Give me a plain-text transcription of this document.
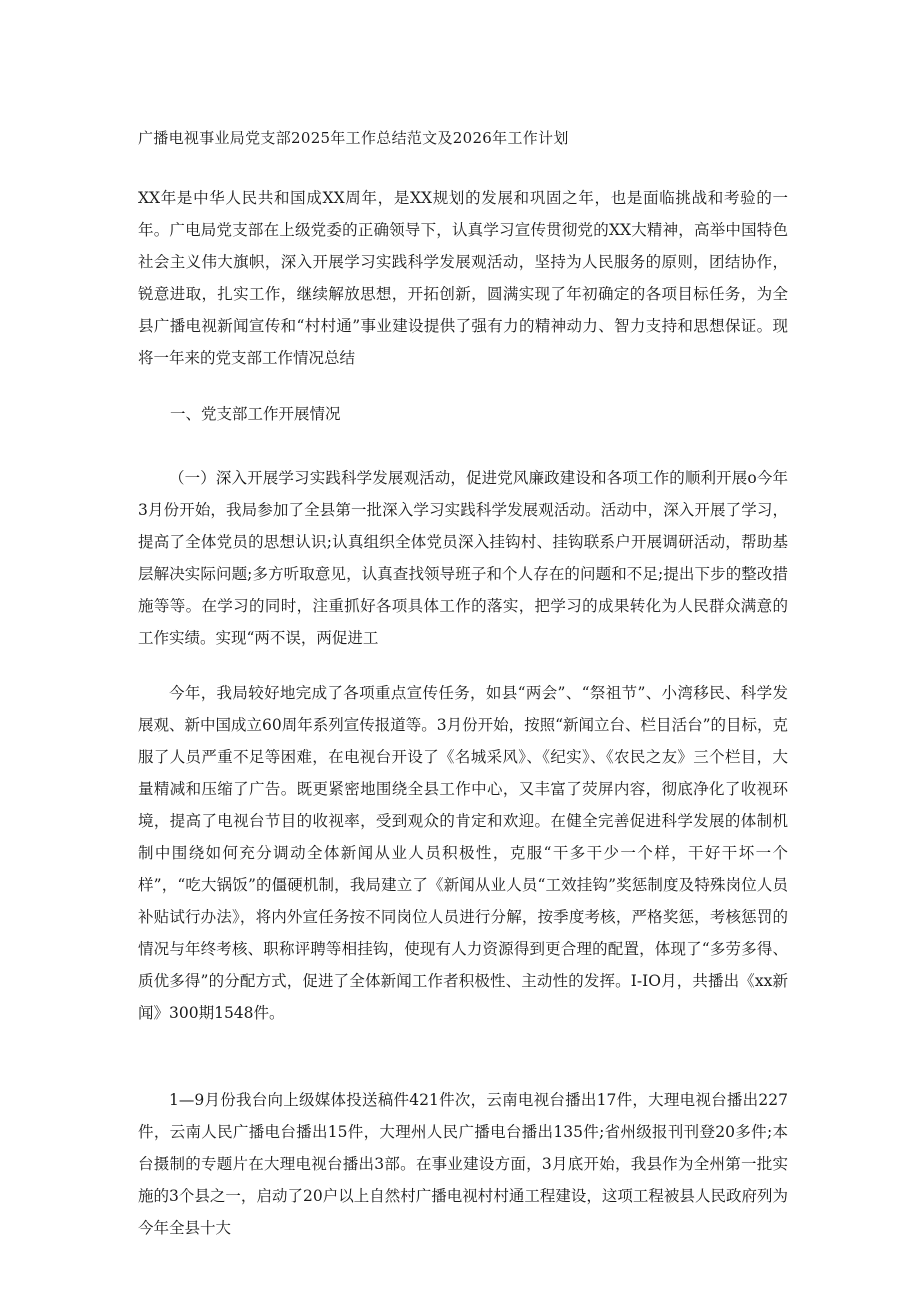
广播电视事业局党支部2025年工作总结范文及2026年工作计划

XX年是中华人民共和国成XX周年，是XX规划的发展和巩固之年，也是面临挑战和考验的一年。广电局党支部在上级党委的正确领导下，认真学习宣传贯彻党的XX大精神，高举中国特色社会主义伟大旗帜，深入开展学习实践科学发展观活动，坚持为人民服务的原则，团结协作，锐意进取，扎实工作，继续解放思想，开拓创新，圆满实现了年初确定的各项目标任务，为全县广播电视新闻宣传和“村村通”事业建设提供了强有力的精神动力、智力支持和思想保证。现将一年来的党支部工作情况总结

一、党支部工作开展情况

（一）深入开展学习实践科学发展观活动，促进党风廉政建设和各项工作的顺利开展o今年3月份开始，我局参加了全县第一批深入学习实践科学发展观活动。活动中，深入开展了学习，提高了全体党员的思想认识;认真组织全体党员深入挂钩村、挂钩联系户开展调研活动，帮助基层解决实际问题;多方听取意见，认真查找领导班子和个人存在的问题和不足;提出下步的整改措施等等。在学习的同时，注重抓好各项具体工作的落实，把学习的成果转化为人民群众满意的工作实绩。实现“两不误，两促进工

今年，我局较好地完成了各项重点宣传任务，如县“两会”、“祭祖节”、小湾移民、科学发展观、新中国成立60周年系列宣传报道等。3月份开始，按照“新闻立台、栏目活台”的目标，克服了人员严重不足等困难，在电视台开设了《名城采风》、《纪实》、《农民之友》三个栏目，大量精减和压缩了广告。既更紧密地围绕全县工作中心，又丰富了荧屏内容，彻底净化了收视环境，提高了电视台节目的收视率，受到观众的肯定和欢迎。在健全完善促进科学发展的体制机制中围绕如何充分调动全体新闻从业人员积极性，克服“干多干少一个样，干好干坏一个样”，“吃大锅饭”的僵硬机制，我局建立了《新闻从业人员“工效挂钩”奖惩制度及特殊岗位人员补贴试行办法》，将内外宣任务按不同岗位人员进行分解，按季度考核，严格奖惩，考核惩罚的情况与年终考核、职称评聘等相挂钩，使现有人力资源得到更合理的配置，体现了“多劳多得、质优多得”的分配方式，促进了全体新闻工作者积极性、主动性的发挥。I-IO月，共播出《xx新闻》300期1548件。

1—9月份我台向上级媒体投送稿件421件次，云南电视台播出17件，大理电视台播出227件，云南人民广播电台播出15件，大理州人民广播电台播出135件;省州级报刊刊登20多件;本台摄制的专题片在大理电视台播出3部。在事业建设方面，3月底开始，我县作为全州第一批实施的3个县之一，启动了20户以上自然村广播电视村村通工程建设，这项工程被县人民政府列为今年全县十大
